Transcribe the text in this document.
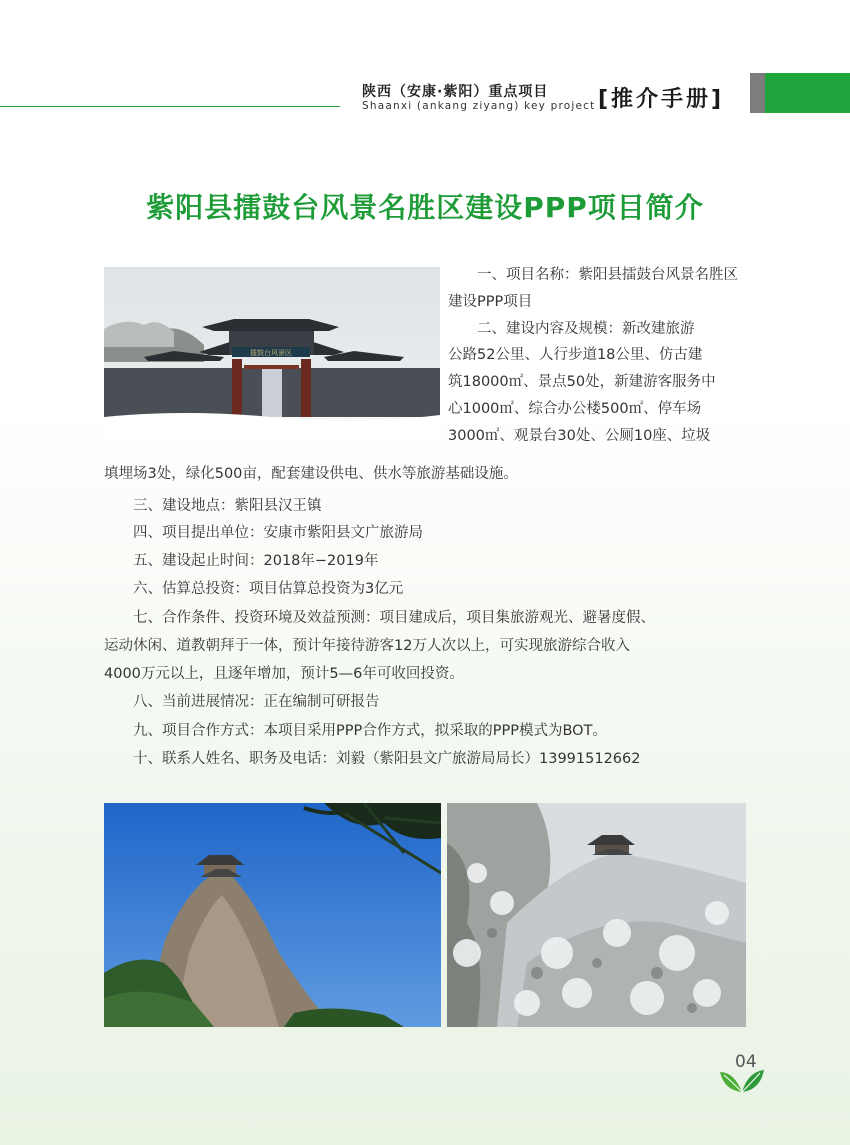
陕西（安康·紫阳）重点项目
Shaanxi (ankang ziyang) key project [推介手册]
紫阳县擂鼓台风景名胜区建设PPP项目简介
擂鼓台风景区
一、项目名称：紫阳县擂鼓台风景名胜区建设PPP项目
二、建设内容及规模：新改建旅游
公路52公里、人行步道18公里、仿古建
筑18000㎡、景点50处，新建游客服务中
心1000㎡、综合办公楼500㎡、停车场
3000㎡、观景台30处、公厕10座、垃圾
填埋场3处，绿化500亩，配套建设供电、供水等旅游基础设施。
三、建设地点：紫阳县汉王镇
四、项目提出单位：安康市紫阳县文广旅游局
五、建设起止时间：2018年−2019年
六、估算总投资：项目估算总投资为3亿元
七、合作条件、投资环境及效益预测：项目建成后，项目集旅游观光、避暑度假、
运动休闲、道教朝拜于一体，预计年接待游客12万人次以上，可实现旅游综合收入
4000万元以上，且逐年增加，预计5—6年可收回投资。
八、当前进展情况：正在编制可研报告
九、项目合作方式：本项目采用PPP合作方式，拟采取的PPP模式为BOT。
十、联系人姓名、职务及电话：刘毅（紫阳县文广旅游局局长）13991512662
04
